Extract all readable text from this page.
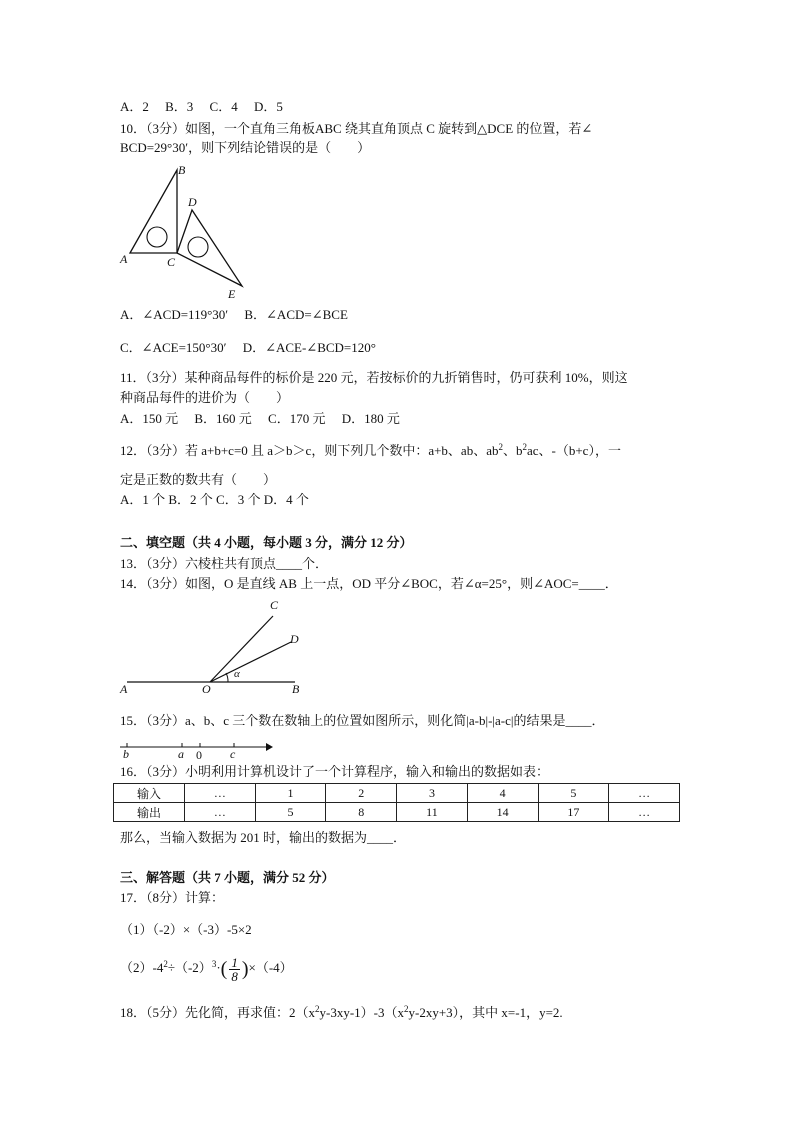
A．2　 B．3　 C．4　 D．5
10．（3分）如图，一个直角三角板ABC 绕其直角顶点 C 旋转到△DCE 的位置，若∠
BCD=29°30′，则下列结论错误的是（　　）
B
D
A	C
E
A．∠ACD=119°30′　 B．∠ACD=∠BCE
C．∠ACE=150°30′　 D．∠ACE-∠BCD=120°
11．（3分）某种商品每件的标价是 220 元，若按标价的九折销售时，仍可获利 10%，则这
种商品每件的进价为（　　）
A．150 元　 B．160 元　 C．170 元　 D．180 元
12．（3分）若 a+b+c=0 且 a＞b＞c，则下列几个数中：a+b、ab、$ab^2$、$b^2ac$、-（b+c），一
定是正数的数共有（　　）
A．1 个 B．2 个 C．3 个 D．4 个
二、填空题（共 4 小题，每小题 3 分，满分 12 分）
13．（3分）六棱柱共有顶点____个．
14．（3分）如图，O 是直线 AB 上一点，OD 平分∠BOC，若∠α=25°，则∠AOC=____．
A	O	B
C
D
α
15．（3分）a、b、c 三个数在数轴上的位置如图所示，则化简|a-b|-|a-c|的结果是____．
b	a 0 c
16．（3分）小明利用计算机设计了一个计算程序，输入和输出的数据如表：
输入	…	1	2	3	4	5	…
输出	…	5	8	11	14	17	…
那么，当输入数据为 201 时，输出的数据为____．
三、解答题（共 7 小题，满分 52 分）
17．（8分）计算：
（1）（-2）×（-3）-5×2
$(2)-4^2\div(-2)^3\cdot( \frac{1}{8} )\times(-4)$
18．（5分）先化简，再求值：$2(x^2y-3xy-1)-3(x^2y-2xy+3)$，其中 x=-1，y=2.
